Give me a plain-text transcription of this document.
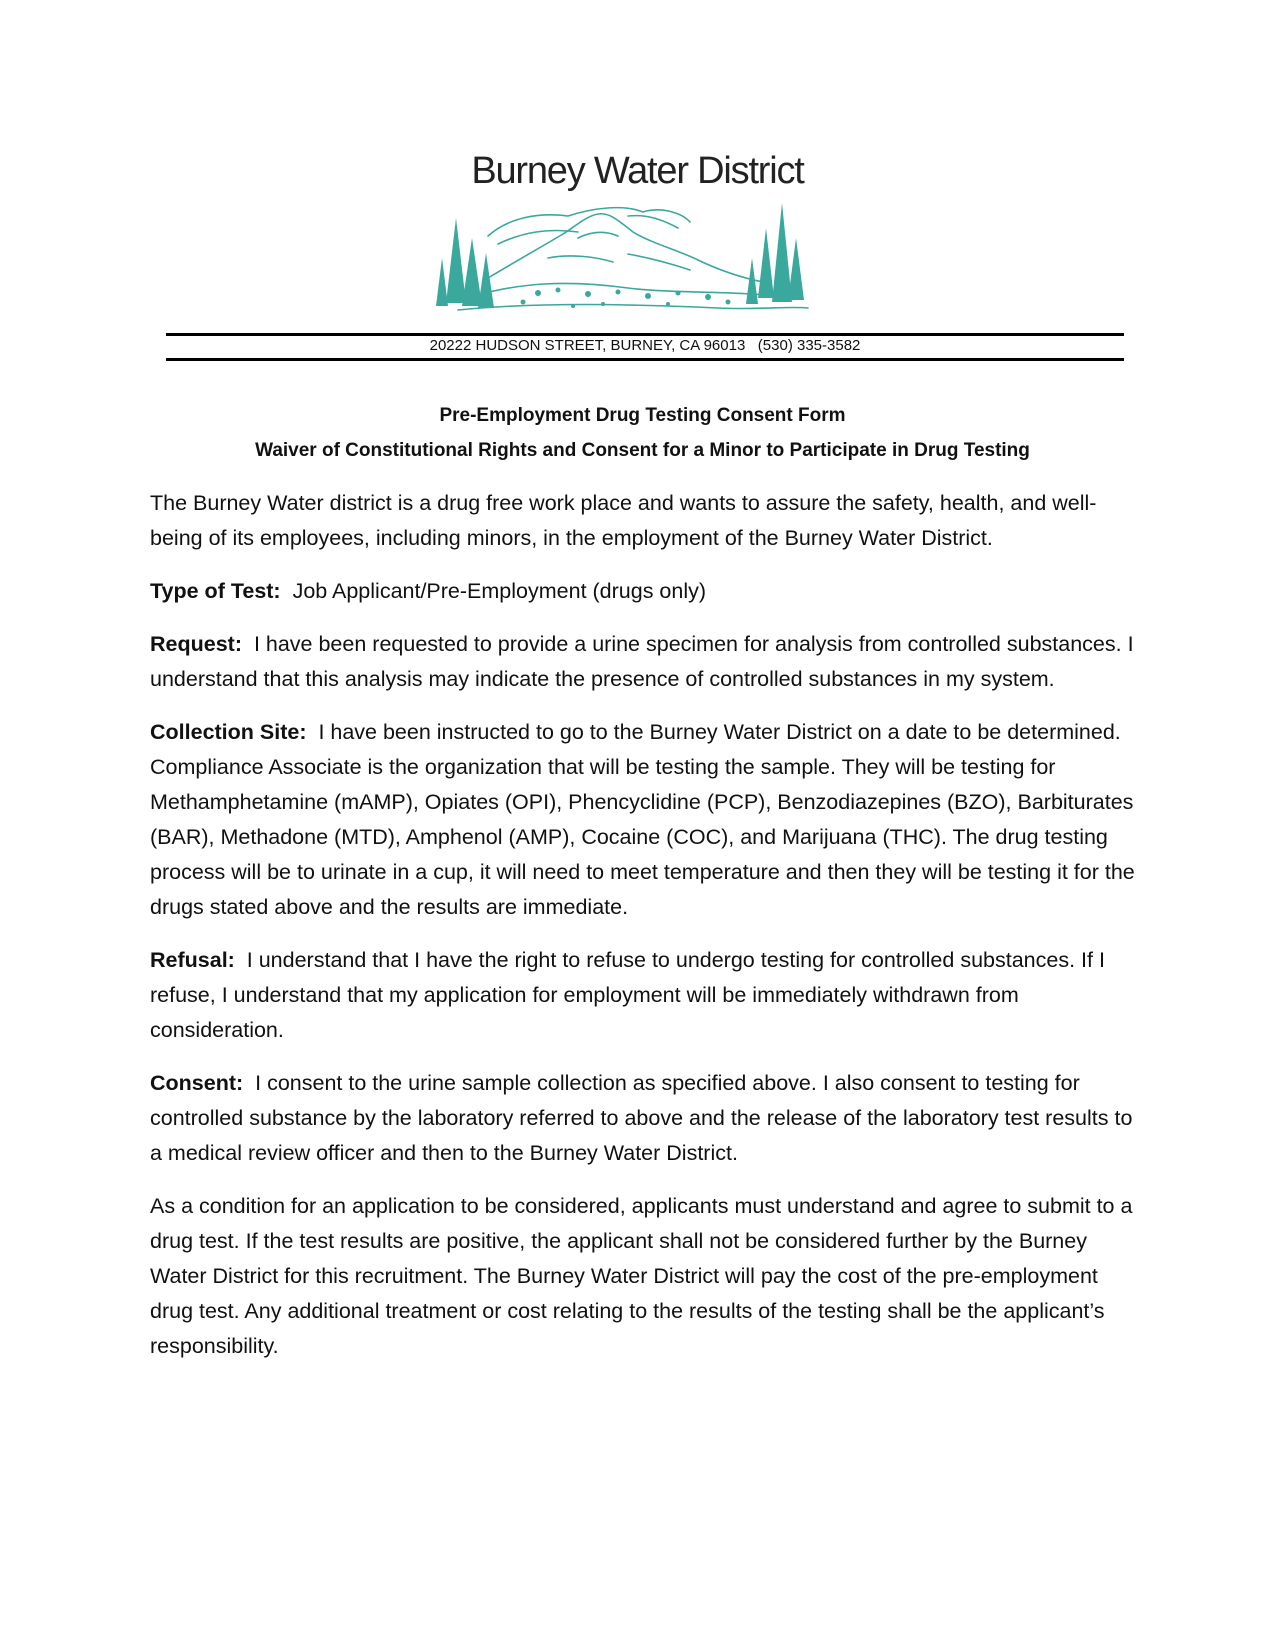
Burney Water District
20222 HUDSON STREET, BURNEY, CA 96013   (530) 335-3582

Pre-Employment Drug Testing Consent Form

Waiver of Constitutional Rights and Consent for a Minor to Participate in Drug Testing

The Burney Water district is a drug free work place and wants to assure the safety, health, and well-being of its employees, including minors, in the employment of the Burney Water District.

Type of Test: Job Applicant/Pre-Employment (drugs only)

Request: I have been requested to provide a urine specimen for analysis from controlled substances. I understand that this analysis may indicate the presence of controlled substances in my system.

Collection Site: I have been instructed to go to the Burney Water District on a date to be determined. Compliance Associate is the organization that will be testing the sample. They will be testing for Methamphetamine (mAMP), Opiates (OPI), Phencyclidine (PCP), Benzodiazepines (BZO), Barbiturates (BAR), Methadone (MTD), Amphenol (AMP), Cocaine (COC), and Marijuana (THC). The drug testing process will be to urinate in a cup, it will need to meet temperature and then they will be testing it for the drugs stated above and the results are immediate.

Refusal: I understand that I have the right to refuse to undergo testing for controlled substances. If I refuse, I understand that my application for employment will be immediately withdrawn from consideration.

Consent: I consent to the urine sample collection as specified above. I also consent to testing for controlled substance by the laboratory referred to above and the release of the laboratory test results to a medical review officer and then to the Burney Water District.

As a condition for an application to be considered, applicants must understand and agree to submit to a drug test. If the test results are positive, the applicant shall not be considered further by the Burney Water District for this recruitment. The Burney Water District will pay the cost of the pre-employment drug test. Any additional treatment or cost relating to the results of the testing shall be the applicant’s responsibility.
